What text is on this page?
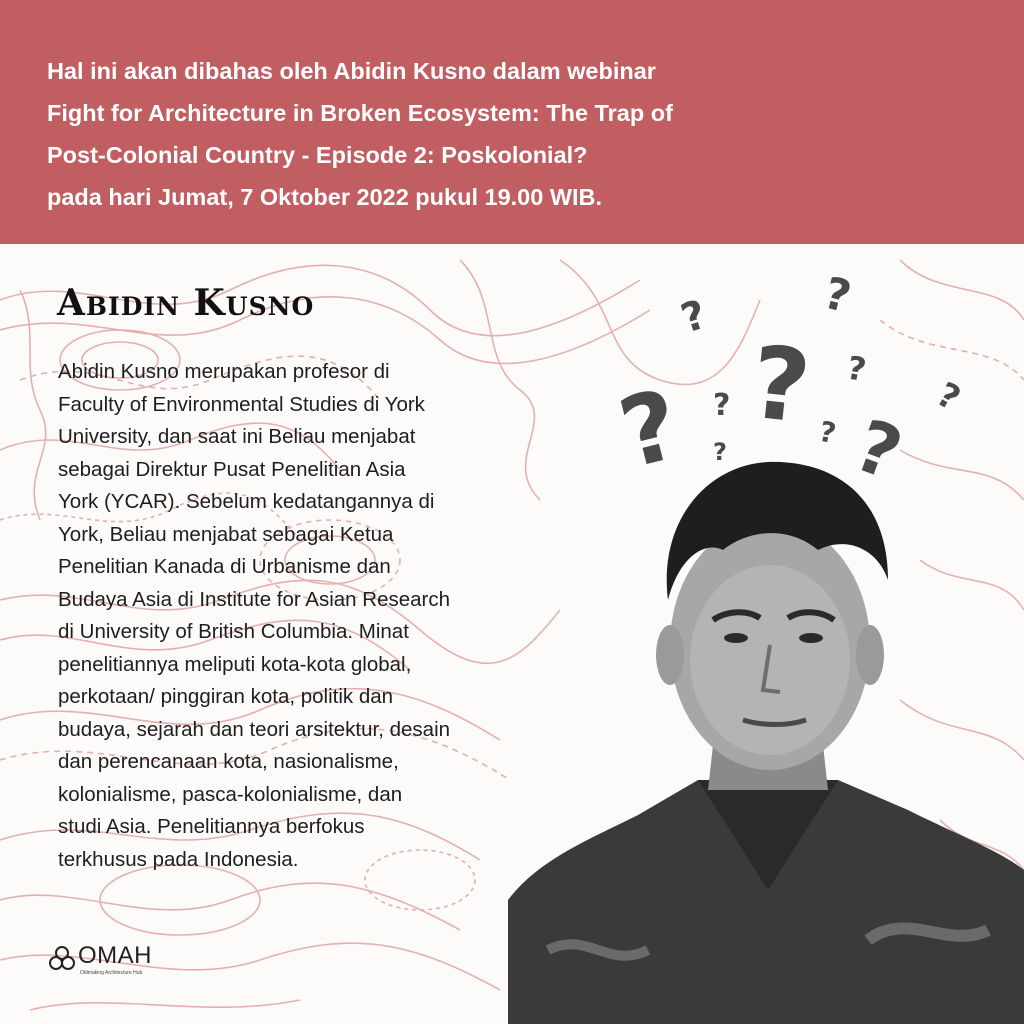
Hal ini akan dibahas oleh Abidin Kusno dalam webinar
Fight for Architecture in Broken Ecosystem: The Trap of
Post-Colonial Country - Episode 2: Poskolonial?
pada hari Jumat, 7 Oktober 2022 pukul 19.00 WIB.
Abidin Kusno
Abidin Kusno merupakan profesor di
Faculty of Environmental Studies di York
University, dan saat ini Beliau menjabat
sebagai Direktur Pusat Penelitian Asia
York (YCAR). Sebelum kedatangannya di
York, Beliau menjabat sebagai Ketua
Penelitian Kanada di Urbanisme dan
Budaya Asia di Institute for Asian Research
di University of British Columbia. Minat
penelitiannya meliputi kota-kota global,
perkotaan/ pinggiran kota, politik dan
budaya, sejarah dan teori arsitektur, desain
dan perencanaan kota, nasionalisme,
kolonialisme, pasca-kolonialisme, dan
studi Asia. Penelitiannya berfokus
terkhusus pada Indonesia.
? ?
?
?
?
?
?
?
?
?
OMAH
Oldmaking Architecture Hub
